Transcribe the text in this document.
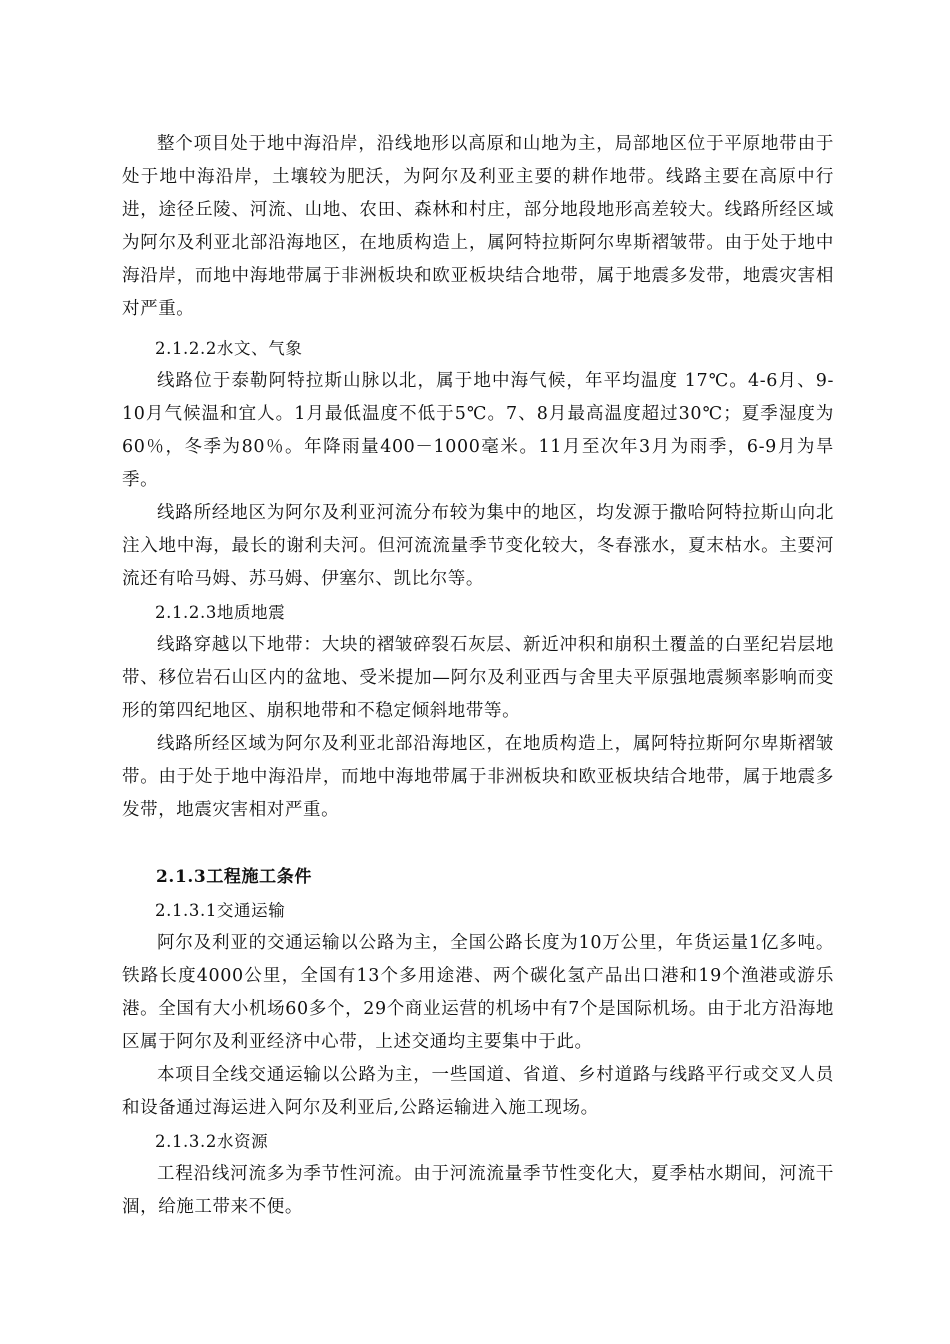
整个项目处于地中海沿岸，沿线地形以高原和山地为主，局部地区位于平原地带由于处于地中海沿岸，土壤较为肥沃，为阿尔及利亚主要的耕作地带。线路主要在高原中行进，途径丘陵、河流、山地、农田、森林和村庄，部分地段地形高差较大。线路所经区域为阿尔及利亚北部沿海地区，在地质构造上，属阿特拉斯阿尔卑斯褶皱带。由于处于地中海沿岸，而地中海地带属于非洲板块和欧亚板块结合地带，属于地震多发带，地震灾害相对严重。

2.1.2.2水文、气象

线路位于泰勒阿特拉斯山脉以北，属于地中海气候，年平均温度 17℃。4-6月、9-10月气候温和宜人。1月最低温度不低于5℃。7、8月最高温度超过30℃；夏季湿度为60％，冬季为80％。年降雨量400－1000毫米。11月至次年3月为雨季，6-9月为旱季。

线路所经地区为阿尔及利亚河流分布较为集中的地区，均发源于撒哈阿特拉斯山向北注入地中海，最长的谢利夫河。但河流流量季节变化较大，冬春涨水，夏末枯水。主要河流还有哈马姆、苏马姆、伊塞尔、凯比尔等。

2.1.2.3地质地震

线路穿越以下地带：大块的褶皱碎裂石灰层、新近冲积和崩积土覆盖的白垩纪岩层地带、移位岩石山区内的盆地、受米提加—阿尔及利亚西与舍里夫平原强地震频率影响而变形的第四纪地区、崩积地带和不稳定倾斜地带等。

线路所经区域为阿尔及利亚北部沿海地区，在地质构造上，属阿特拉斯阿尔卑斯褶皱带。由于处于地中海沿岸，而地中海地带属于非洲板块和欧亚板块结合地带，属于地震多发带，地震灾害相对严重。

2.1.3工程施工条件

2.1.3.1交通运输

阿尔及利亚的交通运输以公路为主，全国公路长度为10万公里，年货运量1亿多吨。铁路长度4000公里，全国有13个多用途港、两个碳化氢产品出口港和19个渔港或游乐港。全国有大小机场60多个，29个商业运营的机场中有7个是国际机场。由于北方沿海地区属于阿尔及利亚经济中心带，上述交通均主要集中于此。

本项目全线交通运输以公路为主，一些国道、省道、乡村道路与线路平行或交叉人员和设备通过海运进入阿尔及利亚后,公路运输进入施工现场。

2.1.3.2水资源

工程沿线河流多为季节性河流。由于河流流量季节性变化大，夏季枯水期间，河流干涸，给施工带来不便。
